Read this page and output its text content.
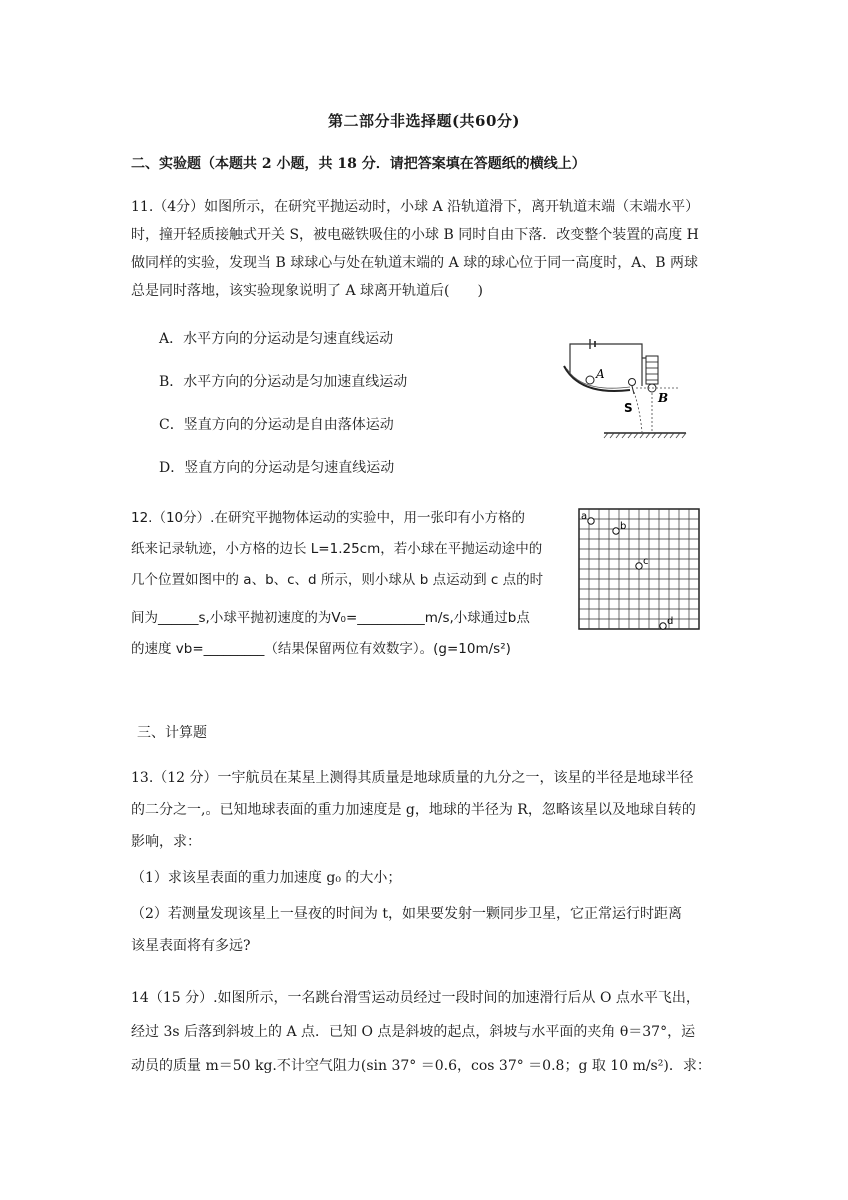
第二部分非选择题(共60分)
二、实验题（本题共 2 小题，共 18 分．请把答案填在答题纸的横线上）
11.（4分）如图所示，在研究平抛运动时，小球 A 沿轨道滑下，离开轨道末端（末端水平）
时，撞开轻质接触式开关 S，被电磁铁吸住的小球 B 同时自由下落．改变整个装置的高度 H
做同样的实验，发现当 B 球球心与处在轨道末端的 A 球的球心位于同一高度时，A、B 两球
总是同时落地，该实验现象说明了 A 球离开轨道后(　　)
A．水平方向的分运动是匀速直线运动
B．水平方向的分运动是匀加速直线运动
C．竖直方向的分运动是自由落体运动
D．竖直方向的分运动是匀速直线运动
A
S
B
12.（10分）.在研究平抛物体运动的实验中，用一张印有小方格的
纸来记录轨迹，小方格的边长 L=1.25cm，若小球在平抛运动途中的
几个位置如图中的 a、b、c、d 所示，则小球从 b 点运动到 c 点的时
间为______s,小球平抛初速度的为V₀=__________m/s,小球通过b点
的速度 vb=_________（结果保留两位有效数字）。(g=10m/s²)
a
b
c
d
三、计算题
13.（12 分）一宇航员在某星上测得其质量是地球质量的九分之一，该星的半径是地球半径
的二分之一,。已知地球表面的重力加速度是 g，地球的半径为 R，忽略该星以及地球自转的
影响，求：
（1）求该星表面的重力加速度 g₀ 的大小；
（2）若测量发现该星上一昼夜的时间为 t，如果要发射一颗同步卫星，它正常运行时距离
该星表面将有多远?
14（15 分）.如图所示，一名跳台滑雪运动员经过一段时间的加速滑行后从 O 点水平飞出，
经过 3s 后落到斜坡上的 A 点．已知 O 点是斜坡的起点，斜坡与水平面的夹角 θ＝37°，运
动员的质量 m＝50 kg.不计空气阻力(sin 37° ＝0.6，cos 37° ＝0.8；g 取 10 m/s²)．求：
